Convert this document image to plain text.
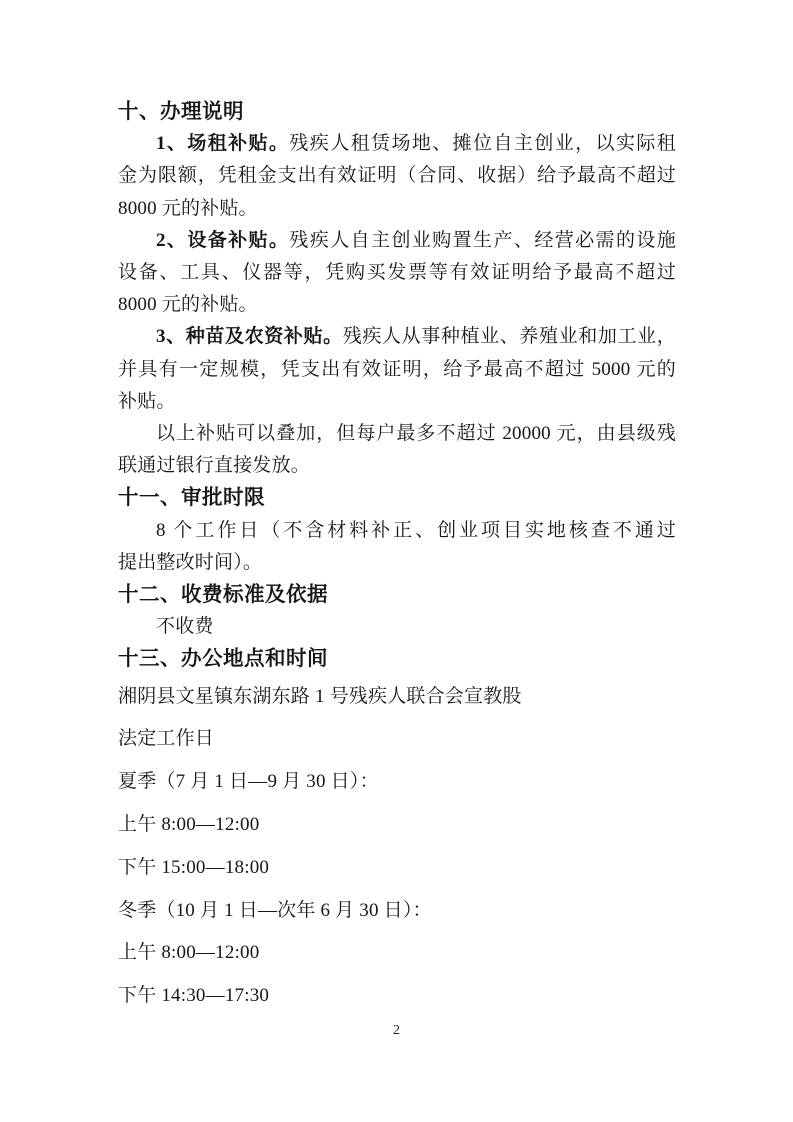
十、办理说明
1、场租补贴。残疾人租赁场地、摊位自主创业，以实际租
金为限额，凭租金支出有效证明（合同、收据）给予最高不超过
8000 元的补贴。
2、设备补贴。残疾人自主创业购置生产、经营必需的设施
设备、工具、仪器等，凭购买发票等有效证明给予最高不超过
8000 元的补贴。
3、种苗及农资补贴。残疾人从事种植业、养殖业和加工业，
并具有一定规模，凭支出有效证明，给予最高不超过 5000 元的
补贴。
以上补贴可以叠加，但每户最多不超过 20000 元，由县级残
联通过银行直接发放。
十一、审批时限
8 个工作日（不含材料补正、创业项目实地核查不通过
提出整改时间）。
十二、收费标准及依据
不收费
十三、办公地点和时间
湘阴县文星镇东湖东路 1 号残疾人联合会宣教股
法定工作日
夏季（7 月 1 日—9 月 30 日）：
上午 8:00—12:00
下午 15:00—18:00
冬季（10 月 1 日—次年 6 月 30 日）：
上午 8:00—12:00
下午 14:30—17:30
2
